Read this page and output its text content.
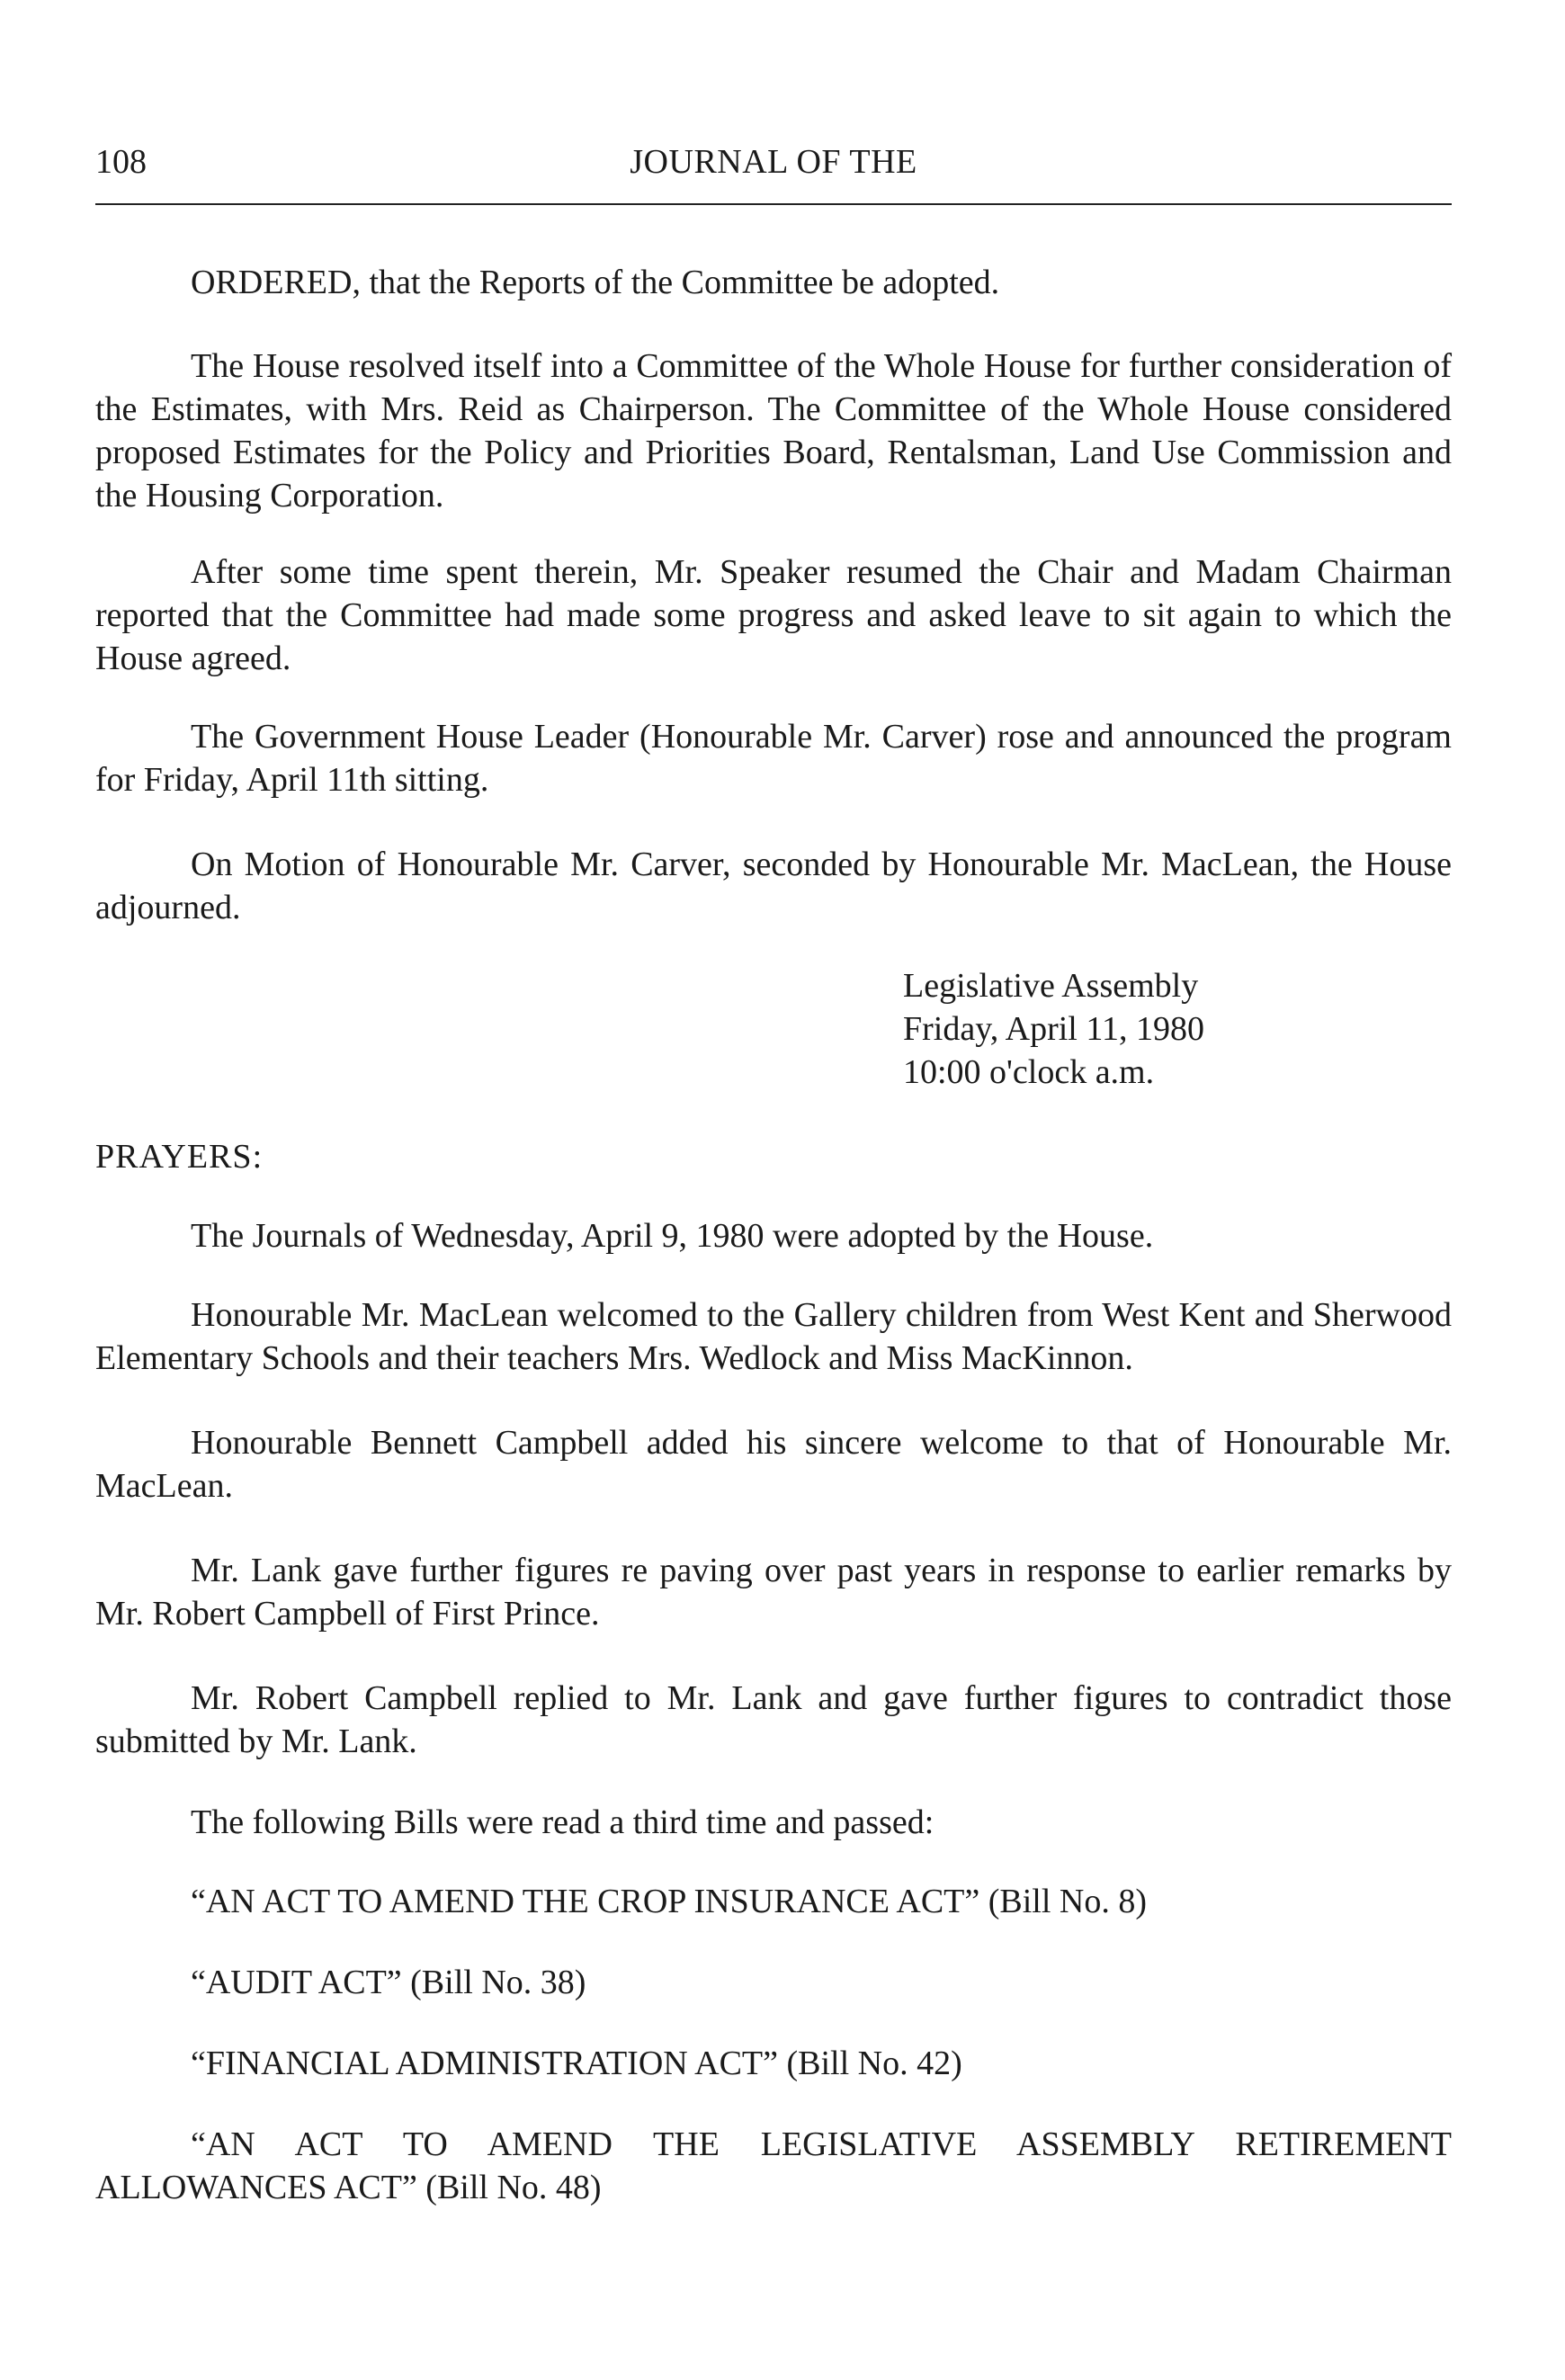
108	JOURNAL OF THE

ORDERED, that the Reports of the Committee be adopted.

The House resolved itself into a Committee of the Whole House for further consideration of the Estimates, with Mrs. Reid as Chairperson. The Committee of the Whole House considered proposed Estimates for the Policy and Priorities Board, Rentalsman, Land Use Commission and the Housing Corporation.

After some time spent therein, Mr. Speaker resumed the Chair and Madam Chairman reported that the Committee had made some progress and asked leave to sit again to which the House agreed.

The Government House Leader (Honourable Mr. Carver) rose and announced the program for Friday, April 11th sitting.

On Motion of Honourable Mr. Carver, seconded by Honourable Mr. MacLean, the House adjourned.

Legislative Assembly
Friday, April 11, 1980
10:00 o'clock a.m.
PRAYERS:

The Journals of Wednesday, April 9, 1980 were adopted by the House.

Honourable Mr. MacLean welcomed to the Gallery children from West Kent and Sherwood Elementary Schools and their teachers Mrs. Wedlock and Miss MacKinnon.

Honourable Bennett Campbell added his sincere welcome to that of Honourable Mr. MacLean.

Mr. Lank gave further figures re paving over past years in response to earlier remarks by Mr. Robert Campbell of First Prince.

Mr. Robert Campbell replied to Mr. Lank and gave further figures to contradict those submitted by Mr. Lank.

The following Bills were read a third time and passed:

“AN ACT TO AMEND THE CROP INSURANCE ACT” (Bill No. 8)

“AUDIT ACT” (Bill No. 38)

“FINANCIAL ADMINISTRATION ACT” (Bill No. 42)

“AN ACT TO AMEND THE LEGISLATIVE ASSEMBLY RETIREMENT ALLOWANCES ACT” (Bill No. 48)
